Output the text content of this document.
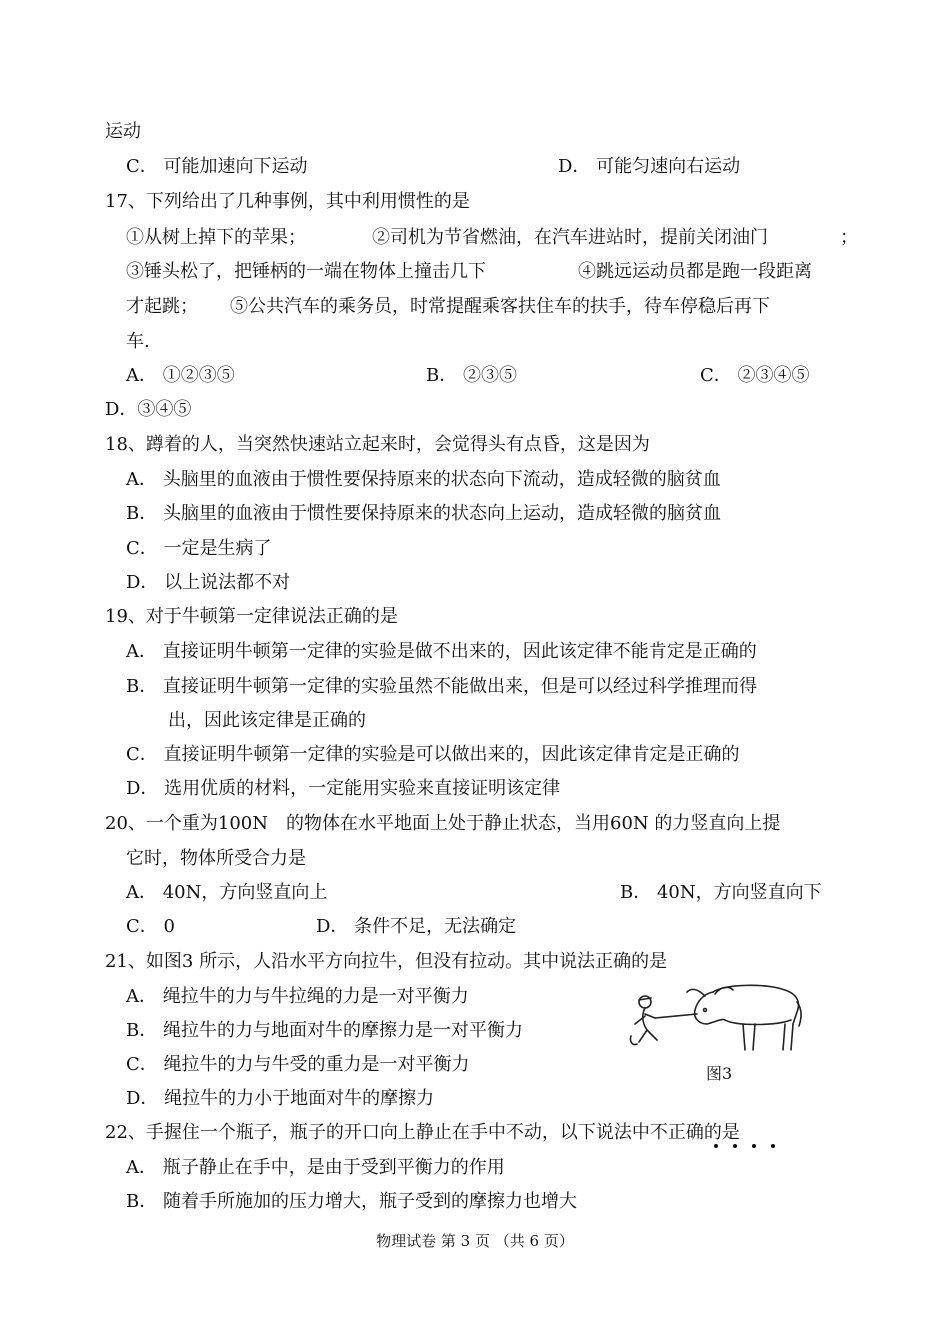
运动
C． 可能加速向下运动	D． 可能匀速向右运动
17、下列给出了几种事例，其中利用惯性的是
①从树上掉下的苹果；	②司机为节省燃油，在汽车进站时，提前关闭油门	；
③锤头松了，把锤柄的一端在物体上撞击几下	④跳远运动员都是跑一段距离
才起跳； ⑤公共汽车的乘务员，时常提醒乘客扶住车的扶手，待车停稳后再下
车.
A． ①②③⑤	B． ②③⑤	C． ②③④⑤
D．③④⑤
18、蹲着的人，当突然快速站立起来时，会觉得头有点昏，这是因为
A． 头脑里的血液由于惯性要保持原来的状态向下流动，造成轻微的脑贫血
B． 头脑里的血液由于惯性要保持原来的状态向上运动，造成轻微的脑贫血
C． 一定是生病了
D． 以上说法都不对
19、对于牛顿第一定律说法正确的是
A． 直接证明牛顿第一定律的实验是做不出来的，因此该定律不能肯定是正确的
B． 直接证明牛顿第一定律的实验虽然不能做出来，但是可以经过科学推理而得
出，因此该定律是正确的
C． 直接证明牛顿第一定律的实验是可以做出来的，因此该定律肯定是正确的
D． 选用优质的材料，一定能用实验来直接证明该定律
20、一个重为100N　的物体在水平地面上处于静止状态，当用60N 的力竖直向上提
它时，物体所受合力是
A． 40N，方向竖直向上	B． 40N，方向竖直向下
C． 0	D． 条件不足，无法确定
21、如图3 所示，人沿水平方向拉牛，但没有拉动。其中说法正确的是
A． 绳拉牛的力与牛拉绳的力是一对平衡力
B． 绳拉牛的力与地面对牛的摩擦力是一对平衡力
C． 绳拉牛的力与牛受的重力是一对平衡力
D． 绳拉牛的力小于地面对牛的摩擦力
图3
22、手握住一个瓶子，瓶子的开口向上静止在手中不动，以下说法中不正确的是
A． 瓶子静止在手中，是由于受到平衡力的作用
B． 随着手所施加的压力增大，瓶子受到的摩擦力也增大
物理试卷 第 3 页 （共 6 页）
